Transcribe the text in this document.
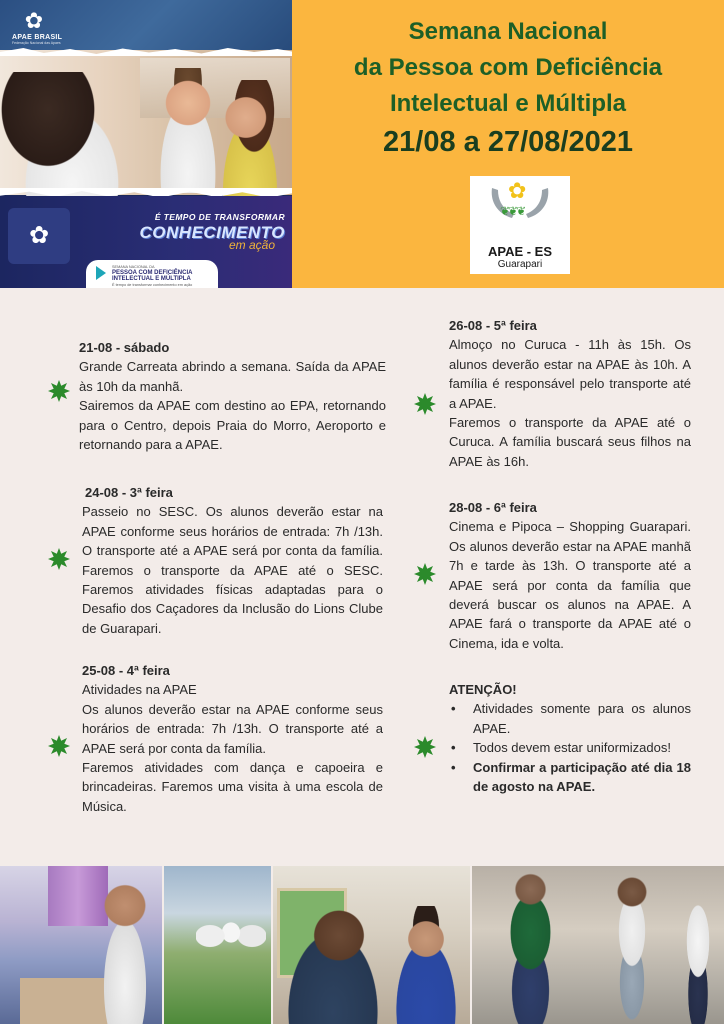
✿
APAE BRASIL
Federação Nacional das Apaes
✿
É TEMPO DE TRANSFORMAR
CONHECIMENTO
em ação
SEMANA NACIONAL DA
PESSOA COM DEFICIÊNCIA INTELECTUAL E MÚLTIPLA
É tempo de transformar conhecimento em ação
Semana Nacional
da Pessoa com Deficiência
Intelectual e Múltipla
21/08 a 27/08/2021
✿
❦❦❦
APAE - ES
Guarapari

21-08 - sábado

Grande Carreata abrindo a semana. Saída da APAE às 10h da manhã.

Sairemos da APAE com destino ao EPA, retornando para o Centro, depois Praia do Morro, Aeroporto e retornando para a APAE.

24-08 - 3ª feira

Passeio no SESC. Os alunos deverão estar na APAE conforme seus horários de entrada: 7h /13h. O transporte até a APAE será por conta da família. Faremos o transporte da APAE até o SESC. Faremos atividades físicas adaptadas para o Desafio dos Caçadores da Inclusão do Lions Clube de Guarapari.

25-08 - 4ª feira

Atividades na APAE

Os alunos deverão estar na APAE conforme seus horários de entrada: 7h /13h. O transporte até a APAE será por conta da família.

Faremos atividades com dança e capoeira e brincadeiras. Faremos uma visita à uma escola de Música.

26-08 - 5ª feira

Almoço no Curuca - 11h às 15h. Os alunos deverão estar na APAE às 10h. A família é responsável pelo transporte até a APAE.

Faremos o transporte da APAE até o Curuca. A família buscará seus filhos na APAE às 16h.

28-08 - 6ª feira

Cinema e Pipoca – Shopping Guarapari. Os alunos deverão estar na APAE manhã 7h e tarde às 13h. O transporte até a APAE será por conta da família que deverá buscar os alunos na APAE. A APAE fará o transporte da APAE até o Cinema, ida e volta.

ATENÇÃO!

• Atividades somente para os alunos APAE.
• Todos devem estar uniformizados!
• Confirmar a participação até dia 18 de agosto na APAE.
